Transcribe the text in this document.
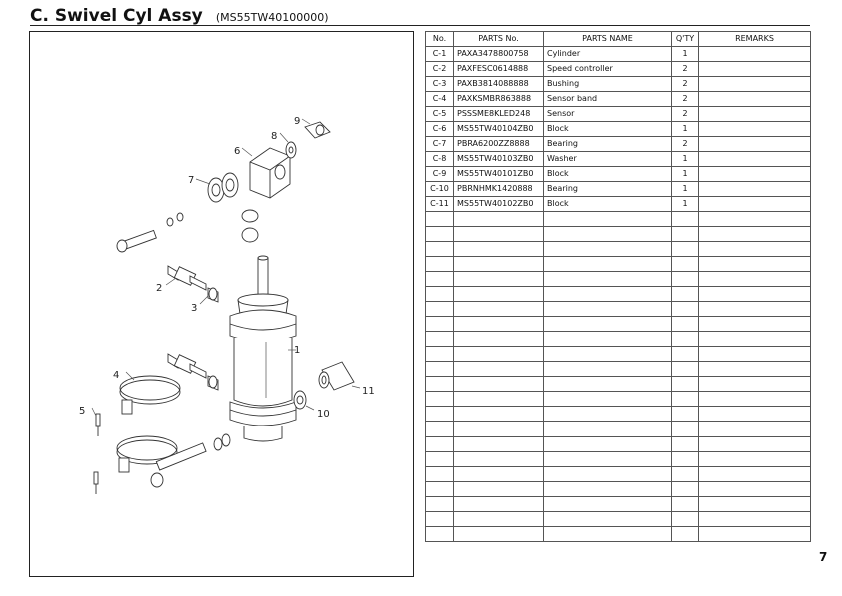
C. Swivel Cyl Assy (MS55TW40100000)
1
2
3
4
5
6
7
8
9
10
11
No.	PARTS No.	PARTS NAME	Q'TY	REMARKS
C-1	PAXA3478800758	Cylinder	1	
C-2	PAXFESC0614888	Speed controller	2	
C-3	PAXB3814088888	Bushing	2	
C-4	PAXKSMBR863888	Sensor band	2	
C-5	PSSSME8KLED248	Sensor	2	
C-6	MS55TW40104ZB0	Block	1	
C-7	PBRA6200ZZ8888	Bearing	2	
C-8	MS55TW40103ZB0	Washer	1	
C-9	MS55TW40101ZB0	Block	1	
C-10	PBRNHMK1420888	Bearing	1	
C-11	MS55TW40102ZB0	Block	1	

7
